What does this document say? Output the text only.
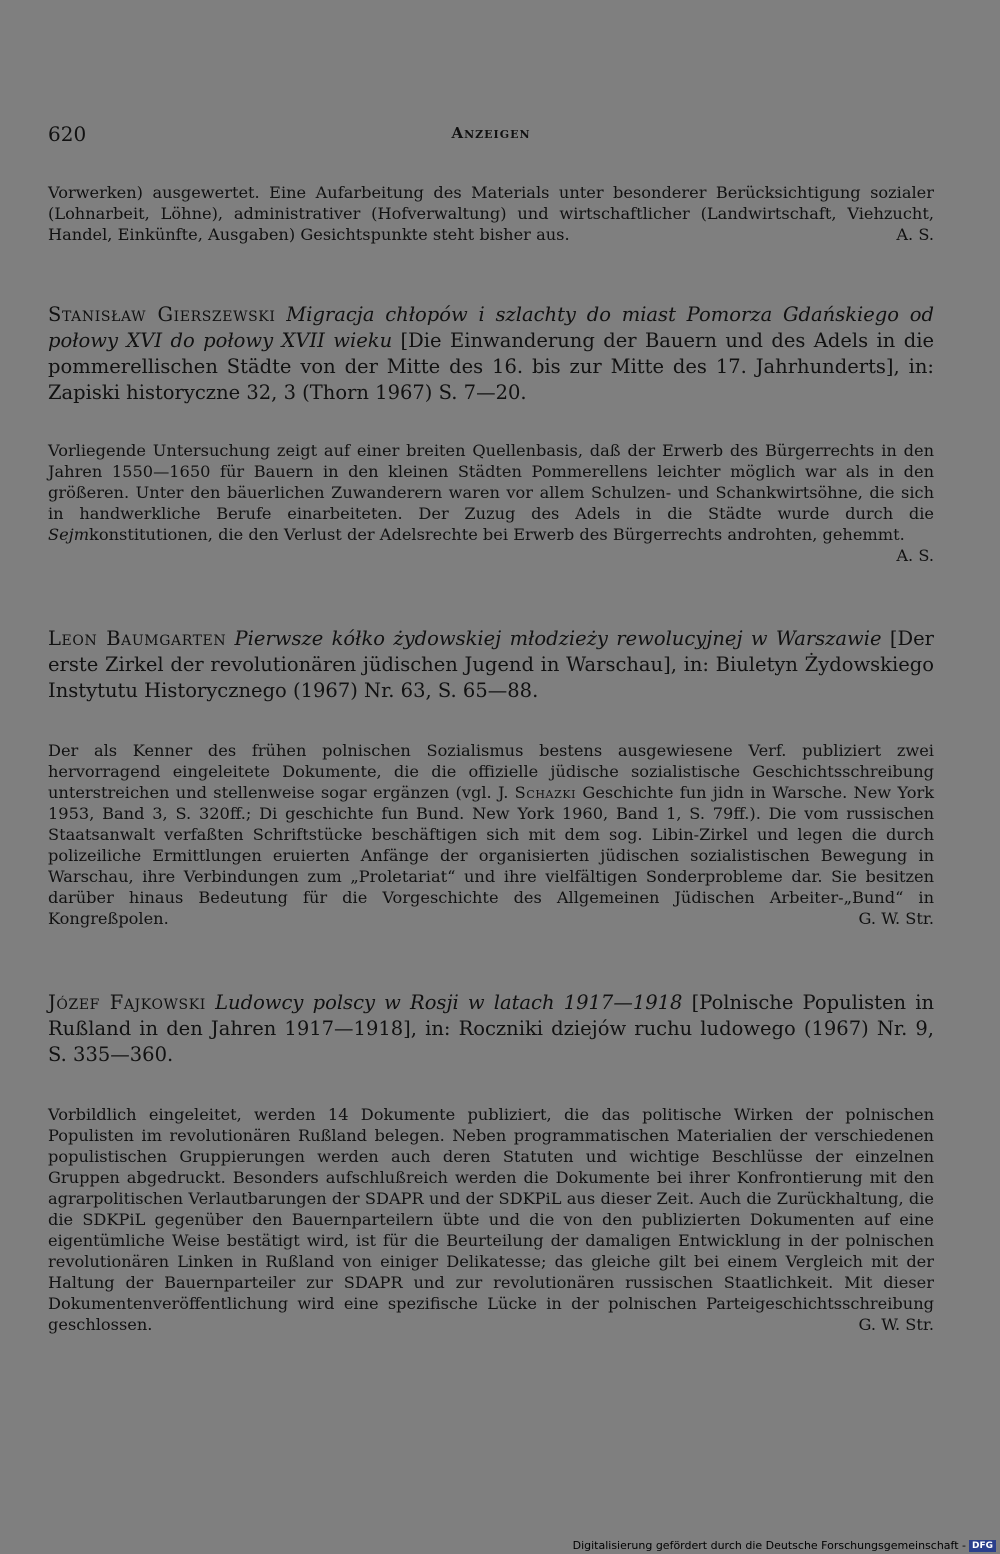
620	Anzeigen

Vorwerken) ausgewertet. Eine Aufarbeitung des Materials unter besonderer Berücksichtigung sozialer (Lohnarbeit, Löhne), administrativer (Hofverwaltung) und wirtschaftlicher (Landwirtschaft, Viehzucht, Handel, Einkünfte, Ausgaben) Gesichtspunkte steht bisher aus.	A. S.

Stanisław Gierszewski Migracja chłopów i szlachty do miast Pomorza Gdańskiego od połowy XVI do połowy XVII wieku [Die Einwanderung der Bauern und des Adels in die pommerellischen Städte von der Mitte des 16. bis zur Mitte des 17. Jahrhunderts], in: Zapiski historyczne 32, 3 (Thorn 1967) S. 7—20.

Vorliegende Untersuchung zeigt auf einer breiten Quellenbasis, daß der Erwerb des Bürgerrechts in den Jahren 1550—1650 für Bauern in den kleinen Städten Pommerellens leichter möglich war als in den größeren. Unter den bäuerlichen Zuwanderern waren vor allem Schulzen- und Schankwirtsöhne, die sich in handwerkliche Berufe einarbeiteten. Der Zuzug des Adels in die Städte wurde durch die Sejmkonstitutionen, die den Verlust der Adelsrechte bei Erwerb des Bürgerrechts androhten, gehemmt.
A. S.

Leon Baumgarten Pierwsze kółko żydowskiej młodzieży rewolucyjnej w Warszawie [Der erste Zirkel der revolutionären jüdischen Jugend in Warschau], in: Biuletyn Żydowskiego Instytutu Historycznego (1967) Nr. 63, S. 65—88.

Der als Kenner des frühen polnischen Sozialismus bestens ausgewiesene Verf. publiziert zwei hervorragend eingeleitete Dokumente, die die offizielle jüdische sozialistische Geschichtsschreibung unterstreichen und stellenweise sogar ergänzen (vgl. J. Schazki Geschichte fun jidn in Warsche. New York 1953, Band 3, S. 320ff.; Di geschichte fun Bund. New York 1960, Band 1, S. 79ff.). Die vom russischen Staatsanwalt verfaßten Schriftstücke beschäftigen sich mit dem sog. Libin-Zirkel und legen die durch polizeiliche Ermittlungen eruierten Anfänge der organisierten jüdischen sozialistischen Bewegung in Warschau, ihre Verbindungen zum „Proletariat“ und ihre vielfältigen Sonderprobleme dar. Sie besitzen darüber hinaus Bedeutung für die Vorgeschichte des Allgemeinen Jüdischen Arbeiter-„Bund“ in Kongreßpolen.	G. W. Str.

Józef Fajkowski Ludowcy polscy w Rosji w latach 1917—1918 [Polnische Populisten in Rußland in den Jahren 1917—1918], in: Roczniki dziejów ruchu ludowego (1967) Nr. 9, S. 335—360.

Vorbildlich eingeleitet, werden 14 Dokumente publiziert, die das politische Wirken der polnischen Populisten im revolutionären Rußland belegen. Neben programmatischen Materialien der verschiedenen populistischen Gruppierungen werden auch deren Statuten und wichtige Beschlüsse der einzelnen Gruppen abgedruckt. Besonders aufschlußreich werden die Dokumente bei ihrer Konfrontierung mit den agrarpolitischen Verlautbarungen der SDAPR und der SDKPiL aus dieser Zeit. Auch die Zurückhaltung, die die SDKPiL gegenüber den Bauernparteilern übte und die von den publizierten Dokumenten auf eine eigentümliche Weise bestätigt wird, ist für die Beurteilung der damaligen Entwicklung in der polnischen revolutionären Linken in Rußland von einiger Delikatesse; das gleiche gilt bei einem Vergleich mit der Haltung der Bauernparteiler zur SDAPR und zur revolutionären russischen Staatlichkeit. Mit dieser Dokumentenveröffentlichung wird eine spezifische Lücke in der polnischen Parteigeschichtsschreibung geschlossen.	G. W. Str.

Digitalisierung gefördert durch die Deutsche Forschungsgemeinschaft - DFG
